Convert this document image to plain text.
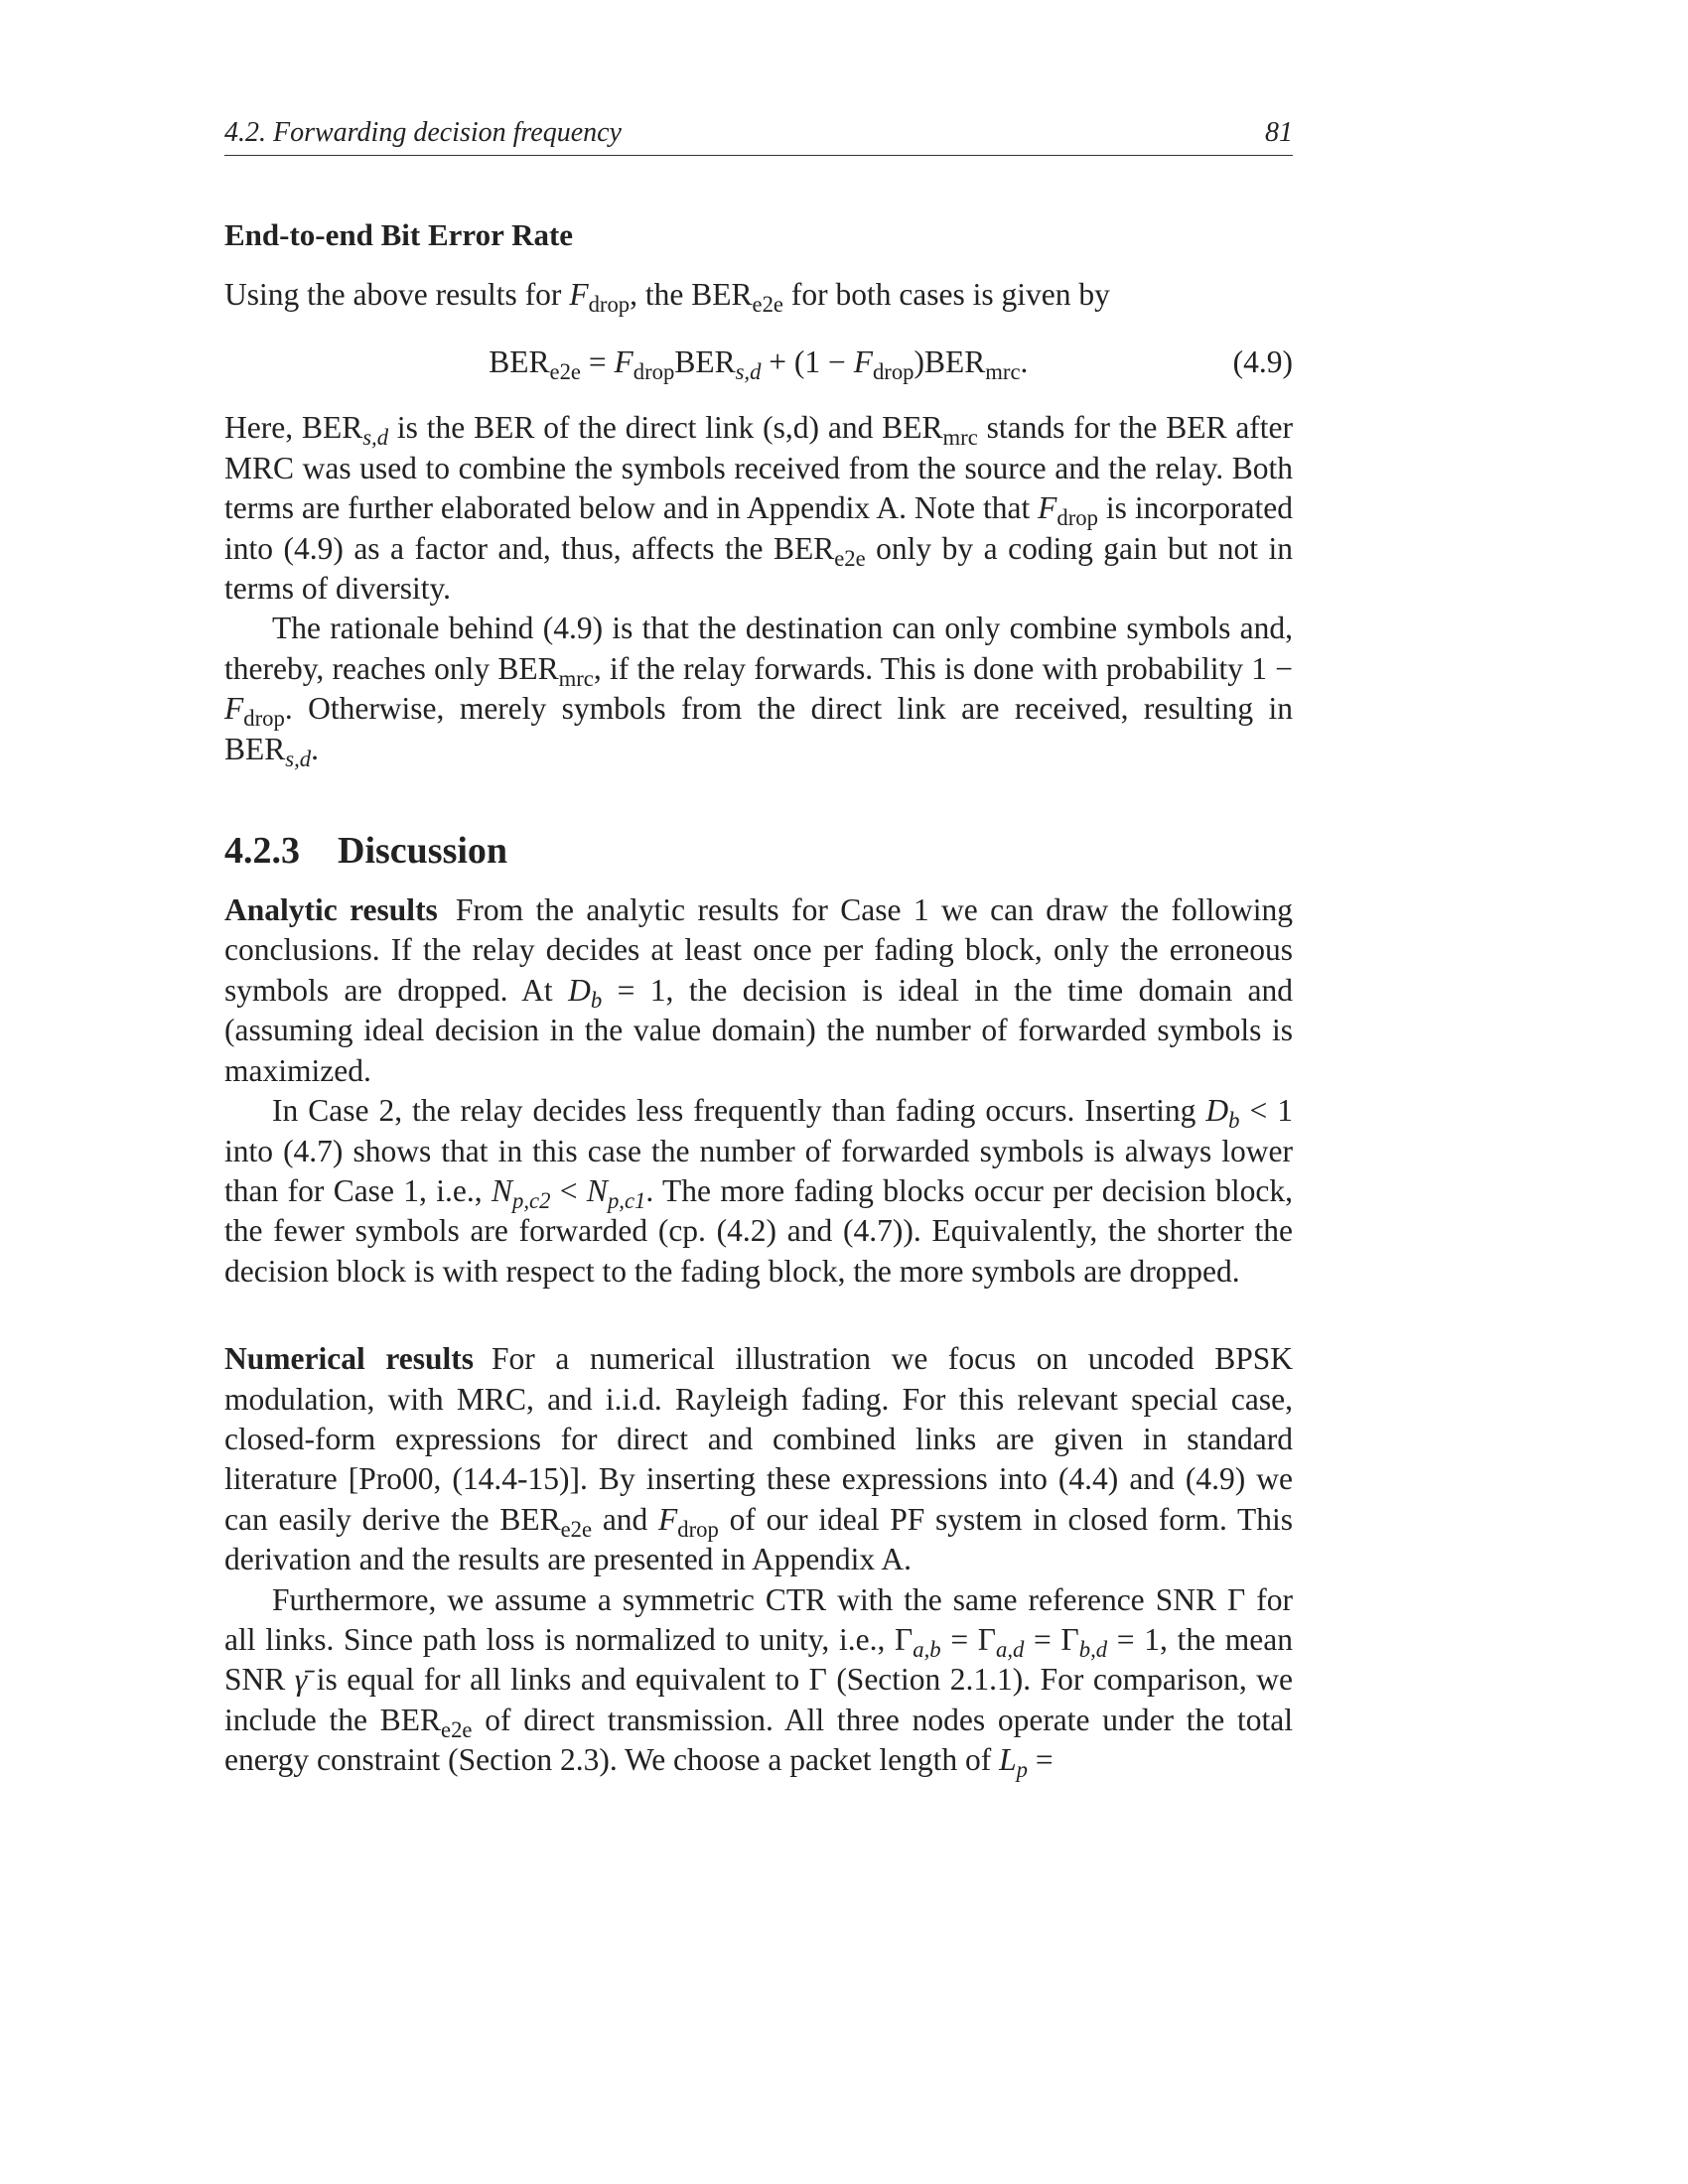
4.2. Forwarding decision frequency	81
End-to-end Bit Error Rate

Using the above results for $F_{drop}$, the $BER_{e2e}$ for both cases is given by

$BER_{e2e} = F_{drop}BER_{s,d} + (1 - F_{drop})BER_{mrc}$.	(4.9)

Here, $BER_{s,d}$ is the BER of the direct link (s,d) and $BER_{mrc}$ stands for the BER after MRC was used to combine the symbols received from the source and the relay. Both terms are further elaborated below and in Appendix A. Note that $F_{drop}$ is incorporated into (4.9) as a factor and, thus, affects the $BER_{e2e}$ only by a coding gain but not in terms of diversity.

The rationale behind (4.9) is that the destination can only combine symbols and, thereby, reaches only $BER_{mrc}$, if the relay forwards. This is done with probability $1 - F_{drop}$. Otherwise, merely symbols from the direct link are received, resulting in $BER_{s,d}$.

4.2.3 Discussion

Analytic results From the analytic results for Case 1 we can draw the following conclusions. If the relay decides at least once per fading block, only the erroneous symbols are dropped. At $D_b = 1$, the decision is ideal in the time domain and (assuming ideal decision in the value domain) the number of forwarded symbols is maximized.

In Case 2, the relay decides less frequently than fading occurs. Inserting $D_b < 1$ into (4.7) shows that in this case the number of forwarded symbols is always lower than for Case 1, i.e., $N_{p,c2} < N_{p,c1}$. The more fading blocks occur per decision block, the fewer symbols are forwarded (cp. (4.2) and (4.7)). Equivalently, the shorter the decision block is with respect to the fading block, the more symbols are dropped.

Numerical results For a numerical illustration we focus on uncoded BPSK modulation, with MRC, and i.i.d. Rayleigh fading. For this relevant special case, closed-form expressions for direct and combined links are given in standard literature [Pro00, (14.4-15)]. By inserting these expressions into (4.4) and (4.9) we can easily derive the $BER_{e2e}$ and $F_{drop}$ of our ideal PF system in closed form. This derivation and the results are presented in Appendix A.

Furthermore, we assume a symmetric CTR with the same reference SNR Γ for all links. Since path loss is normalized to unity, i.e., $\Gamma_{a,b} = \Gamma_{a,d} = \Gamma_{b,d} = 1$, the mean SNR γ̄ is equal for all links and equivalent to Γ (Section 2.1.1). For comparison, we include the $BER_{e2e}$ of direct transmission. All three nodes operate under the total energy constraint (Section 2.3). We choose a packet length of $L_p$ =
